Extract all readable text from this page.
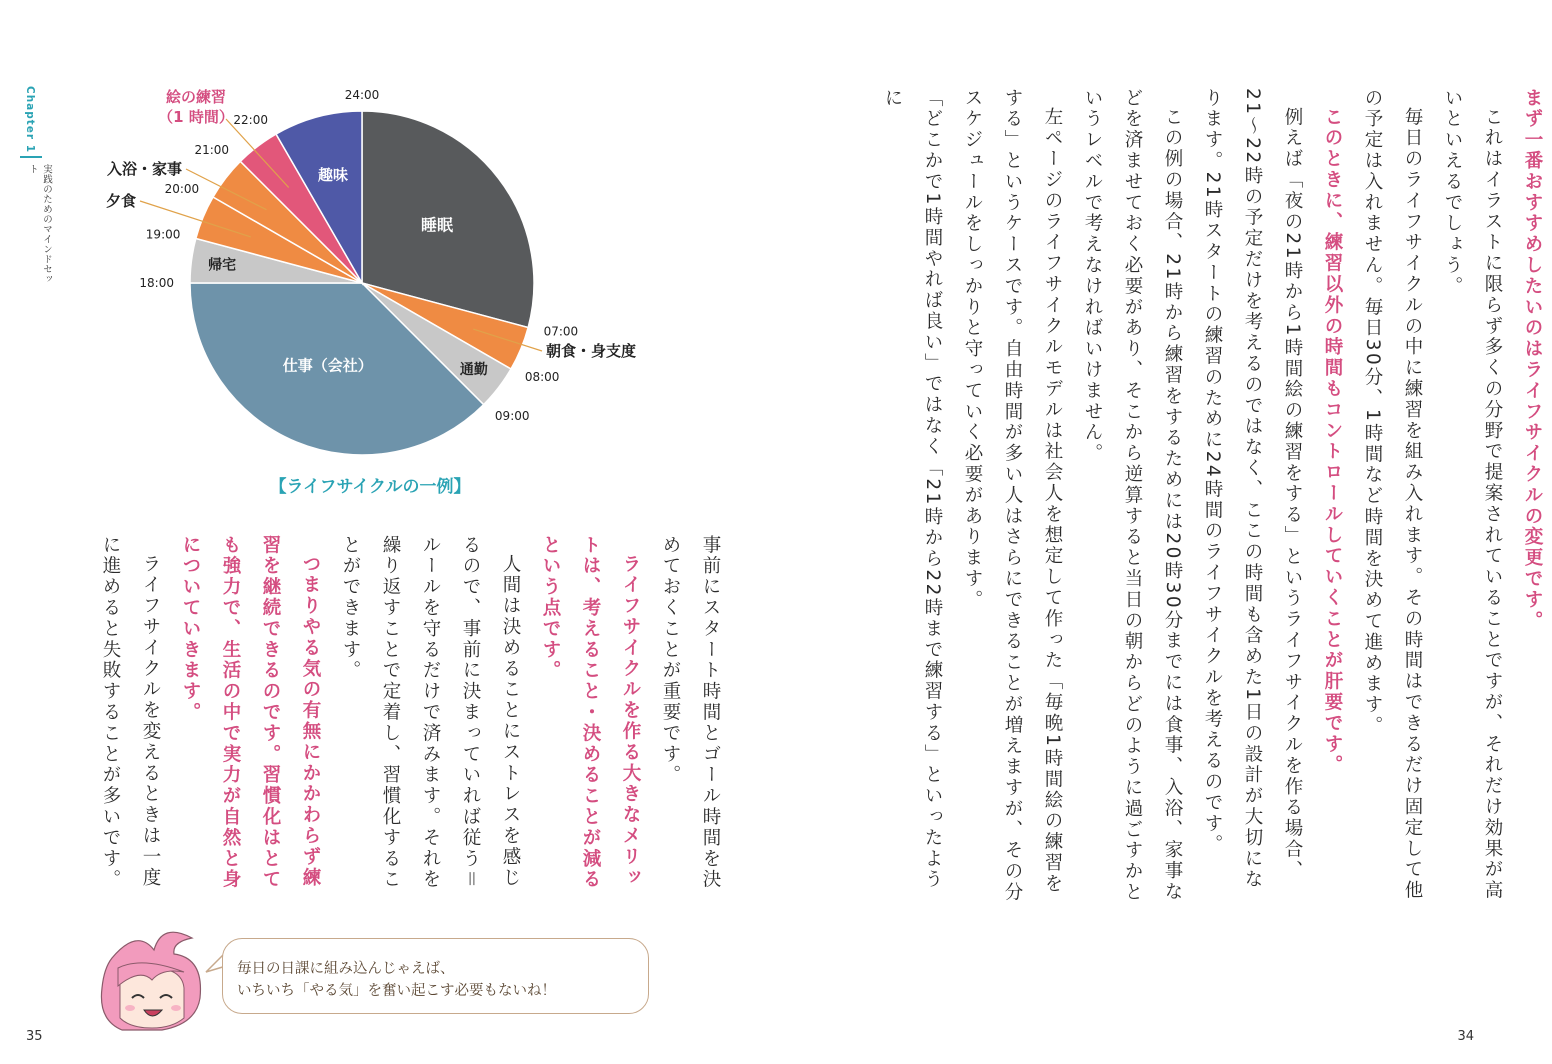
Chapter 1
実践のためのマインドセット
睡眠
通勤
仕事（会社）
帰宅
趣味
朝食・身支度
夕食
入浴・家事
絵の練習
（1 時間）
24:00
07:00
08:00
09:00
18:00
19:00
20:00
21:00
22:00
【ライフサイクルの一例】

事前にスタート時間とゴール時間を決めておくことが重要です。

ライフサイクルを作る大きなメリットは、考えること・決めることが減るという点です。

人間は決めることにストレスを感じるので、事前に決まっていれば従う＝ルールを守るだけで済みます。それを繰り返すことで定着し、習慣化することができます。

つまりやる気の有無にかかわらず練習を継続できるのです。習慣化はとても強力で、生活の中で実力が自然と身についていきます。

ライフサイクルを変えるときは一度に進めると失敗することが多いです。

毎日の日課に組み込んじゃえば、
いちいち「やる気」を奮い起こす必要もないね！
35

まず一番おすすめしたいのはライフサイクルの変更です。

これはイラストに限らず多くの分野で提案されていることですが、それだけ効果が高いといえるでしょう。

毎日のライフサイクルの中に練習を組み入れます。その時間はできるだけ固定して他の予定は入れません。毎日30分、1時間など時間を決めて進めます。

このときに、練習以外の時間もコントロールしていくことが肝要です。

例えば「夜の21時から1時間絵の練習をする」というライフサイクルを作る場合、21〜22時の予定だけを考えるのではなく、ここの時間も含めた1日の設計が大切になります。21時スタートの練習のために24時間のライフサイクルを考えるのです。

この例の場合、21時から練習をするためには20時30分までには食事、入浴、家事などを済ませておく必要があり、そこから逆算すると当日の朝からどのように過ごすかというレベルで考えなければいけません。

左ページのライフサイクルモデルは社会人を想定して作った「毎晩1時間絵の練習をする」というケースです。自由時間が多い人はさらにできることが増えますが、その分スケジュールをしっかりと守っていく必要があります。

「どこかで1時間やれば良い」ではなく「21時から22時まで練習する」といったように

34
